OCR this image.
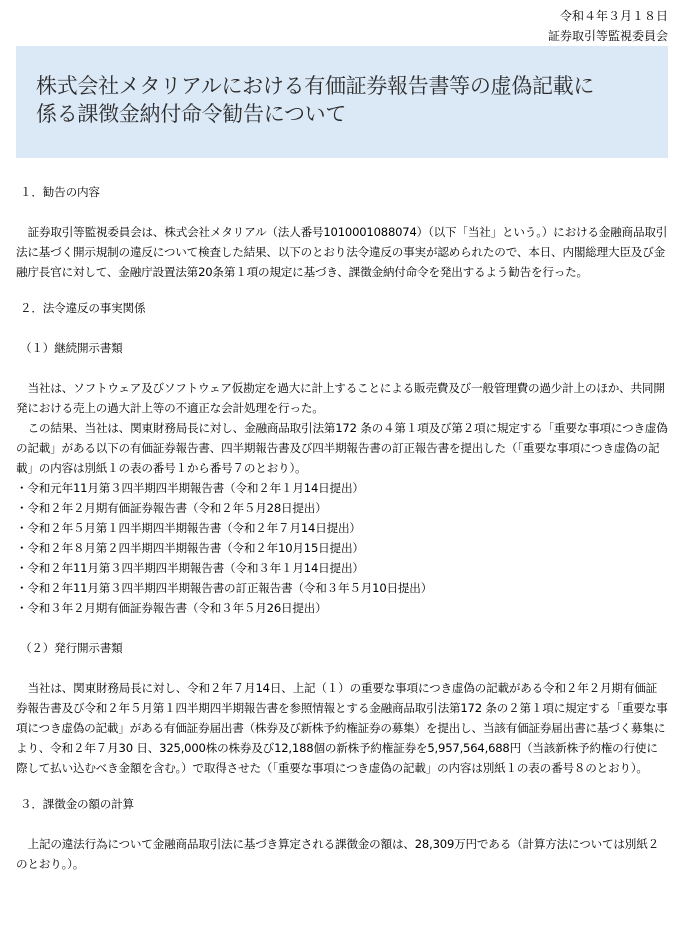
令和４年３月１８日
証券取引等監視委員会
株式会社メタリアルにおける有価証券報告書等の虚偽記載に
係る課徴金納付命令勧告について
１．勧告の内容

証券取引等監視委員会は、株式会社メタリアル（法人番号1010001088074）（以下「当社」という。）における金融商品取引法に基づく開示規制の違反について検査した結果、以下のとおり法令違反の事実が認められたので、本日、内閣総理大臣及び金融庁長官に対して、金融庁設置法第20条第１項の規定に基づき、課徴金納付命令を発出するよう勧告を行った。

２．法令違反の事実関係
（１）継続開示書類

当社は、ソフトウェア及びソフトウェア仮勘定を過大に計上することによる販売費及び一般管理費の過少計上のほか、共同開発における売上の過大計上等の不適正な会計処理を行った。

この結果、当社は、関東財務局長に対し、金融商品取引法第172 条の４第１項及び第２項に規定する「重要な事項につき虚偽の記載」がある以下の有価証券報告書、四半期報告書及び四半期報告書の訂正報告書を提出した（「重要な事項につき虚偽の記載」の内容は別紙１の表の番号１から番号７のとおり）。

・令和元年11月第３四半期四半期報告書（令和２年１月14日提出）
・令和２年２月期有価証券報告書（令和２年５月28日提出）
・令和２年５月第１四半期四半期報告書（令和２年７月14日提出）
・令和２年８月第２四半期四半期報告書（令和２年10月15日提出）
・令和２年11月第３四半期四半期報告書（令和３年１月14日提出）
・令和２年11月第３四半期四半期報告書の訂正報告書（令和３年５月10日提出）
・令和３年２月期有価証券報告書（令和３年５月26日提出）
（２）発行開示書類

当社は、関東財務局長に対し、令和２年７月14日、上記（１）の重要な事項につき虚偽の記載がある令和２年２月期有価証券報告書及び令和２年５月第１四半期四半期報告書を参照情報とする金融商品取引法第172 条の２第１項に規定する「重要な事項につき虚偽の記載」がある有価証券届出書（株券及び新株予約権証券の募集）を提出し、当該有価証券届出書に基づく募集により、令和２年７月30 日、325,000株の株券及び12,188個の新株予約権証券を5,957,564,688円（当該新株予約権の行使に際して払い込むべき金額を含む。）で取得させた（「重要な事項につき虚偽の記載」の内容は別紙１の表の番号８のとおり）。

３．課徴金の額の計算

上記の違法行為について金融商品取引法に基づき算定される課徴金の額は、28,309万円である（計算方法については別紙２のとおり。）。
